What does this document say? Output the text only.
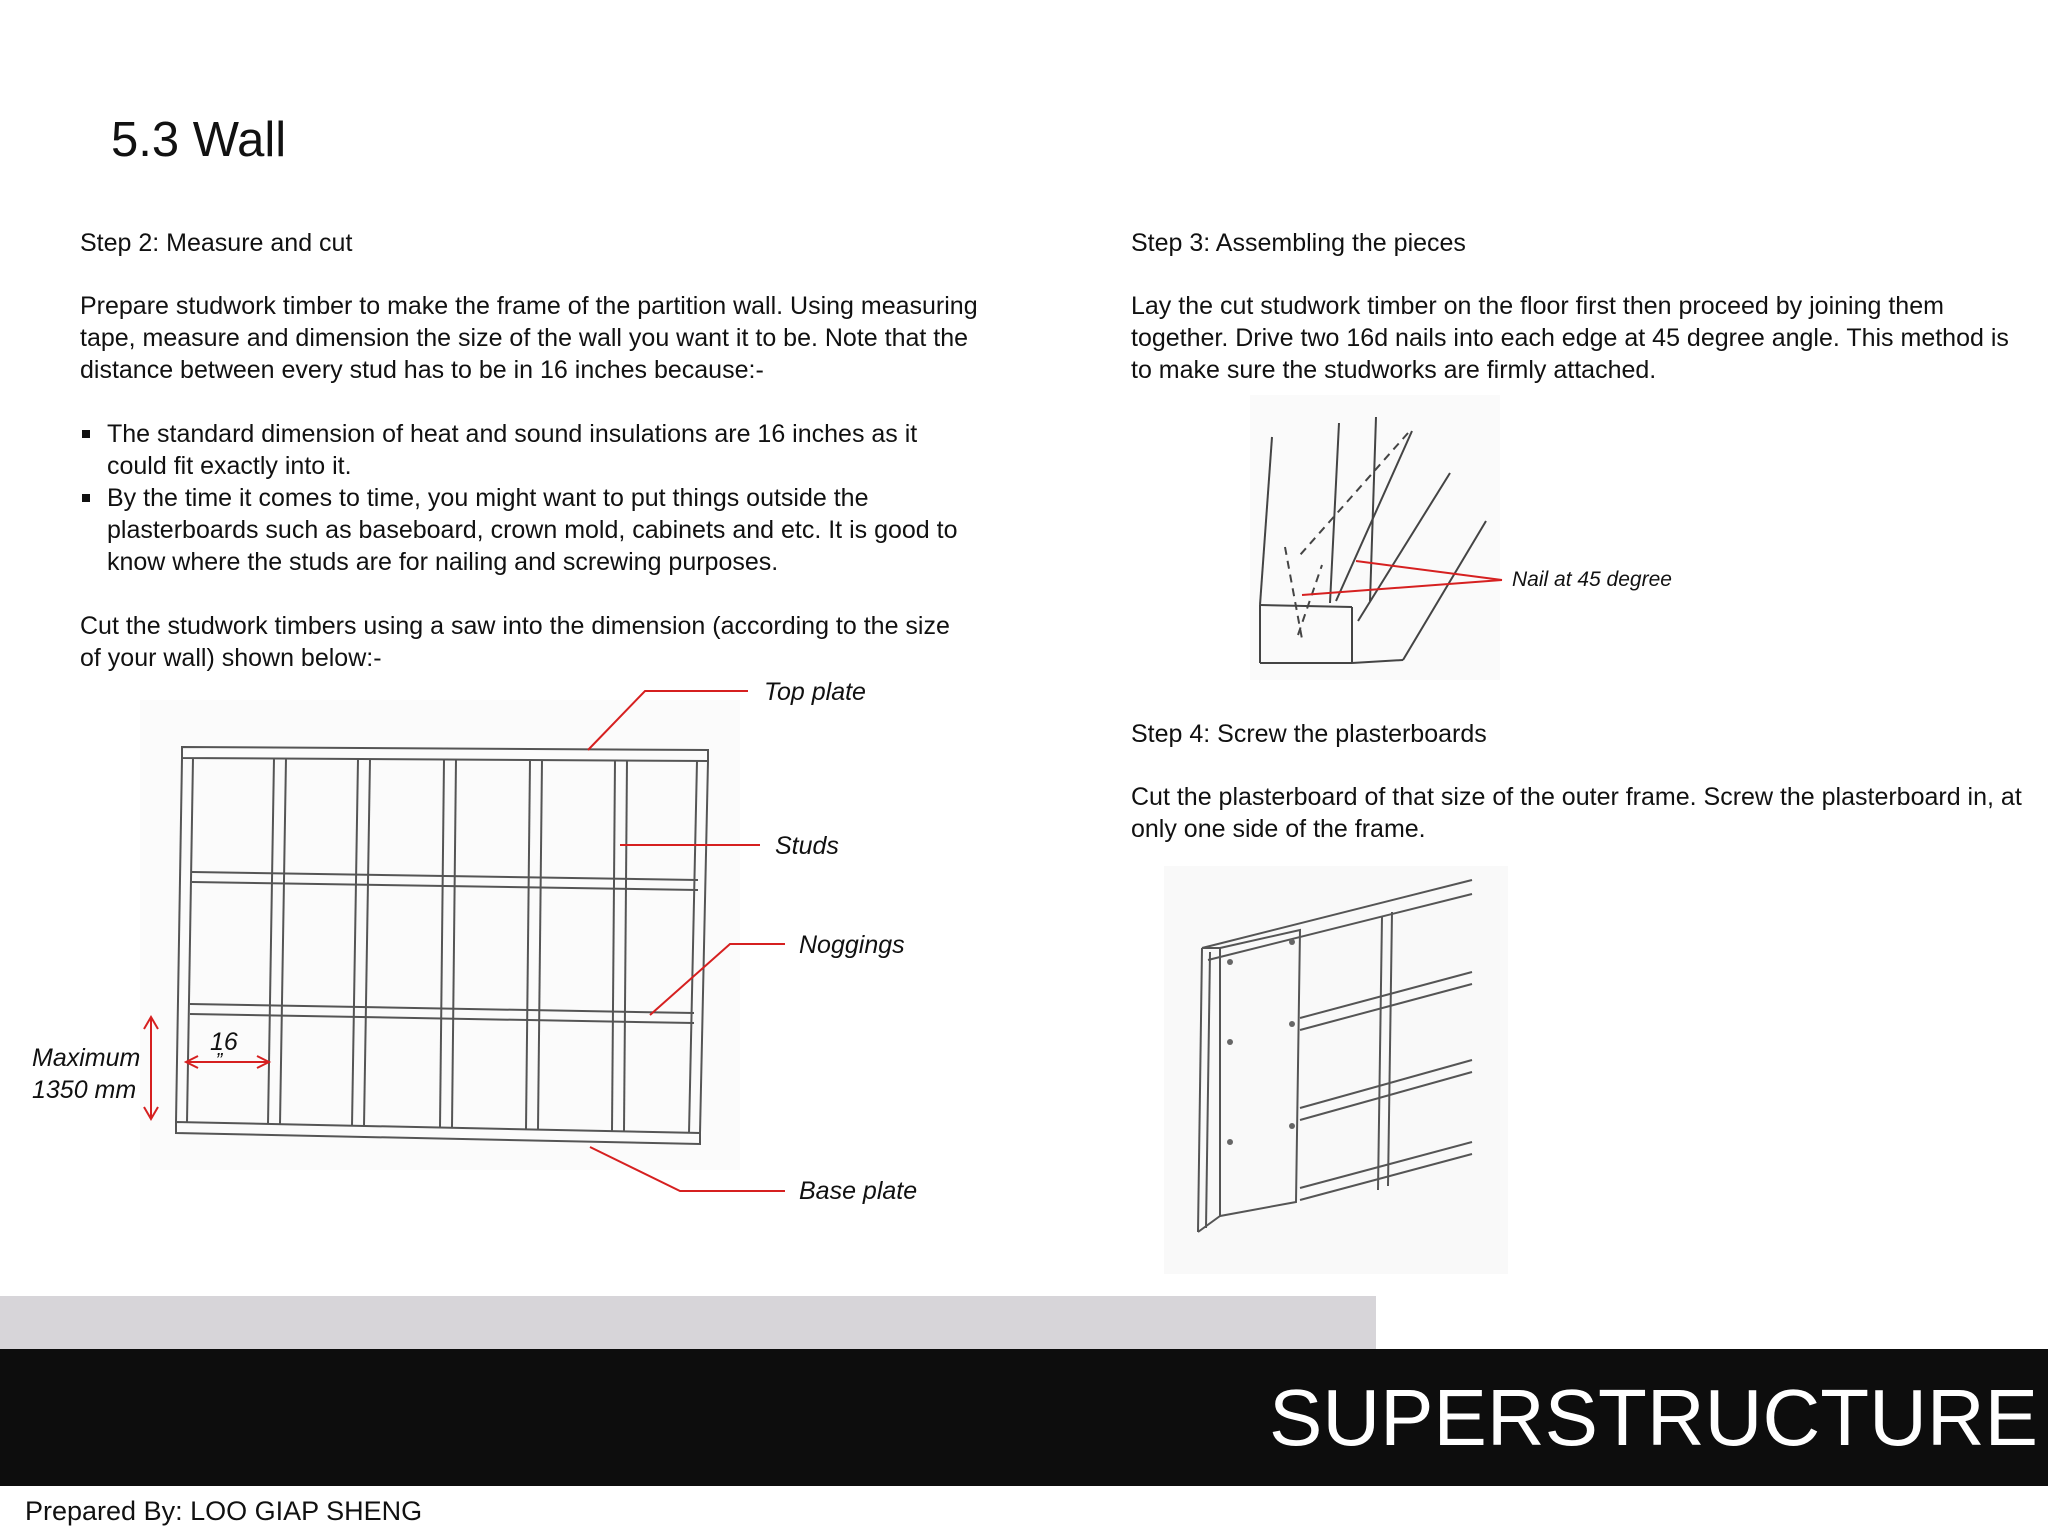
5.3 Wall
Step 2: Measure and cut

Prepare studwork timber to make the frame of the partition wall. Using measuring tape, measure and dimension the size of the wall you want it to be. Note that the distance between every stud has to be in 16 inches because:-

The standard dimension of heat and sound insulations are 16 inches as it could fit exactly into it.
By the time it comes to time, you might want to put things outside the plasterboards such as baseboard, crown mold, cabinets and etc. It is good to know where the studs are for nailing and screwing purposes.

Cut the studwork timbers using a saw into the dimension (according to the size of your wall) shown below:-

Top plate
Studs
Noggings
Base plate
Maximum
1350 mm
16
”
Step 3: Assembling the pieces

Lay the cut studwork timber on the floor first then proceed by joining them together. Drive two 16d nails into each edge at 45 degree angle. This method is to make sure the studworks are firmly attached.

Nail at 45 degree
Step 4: Screw the plasterboards

Cut the plasterboard of that size of the outer frame. Screw the plasterboard in, at only one side of the frame.

SUPERSTRUCTURE
Prepared By: LOO GIAP SHENG
